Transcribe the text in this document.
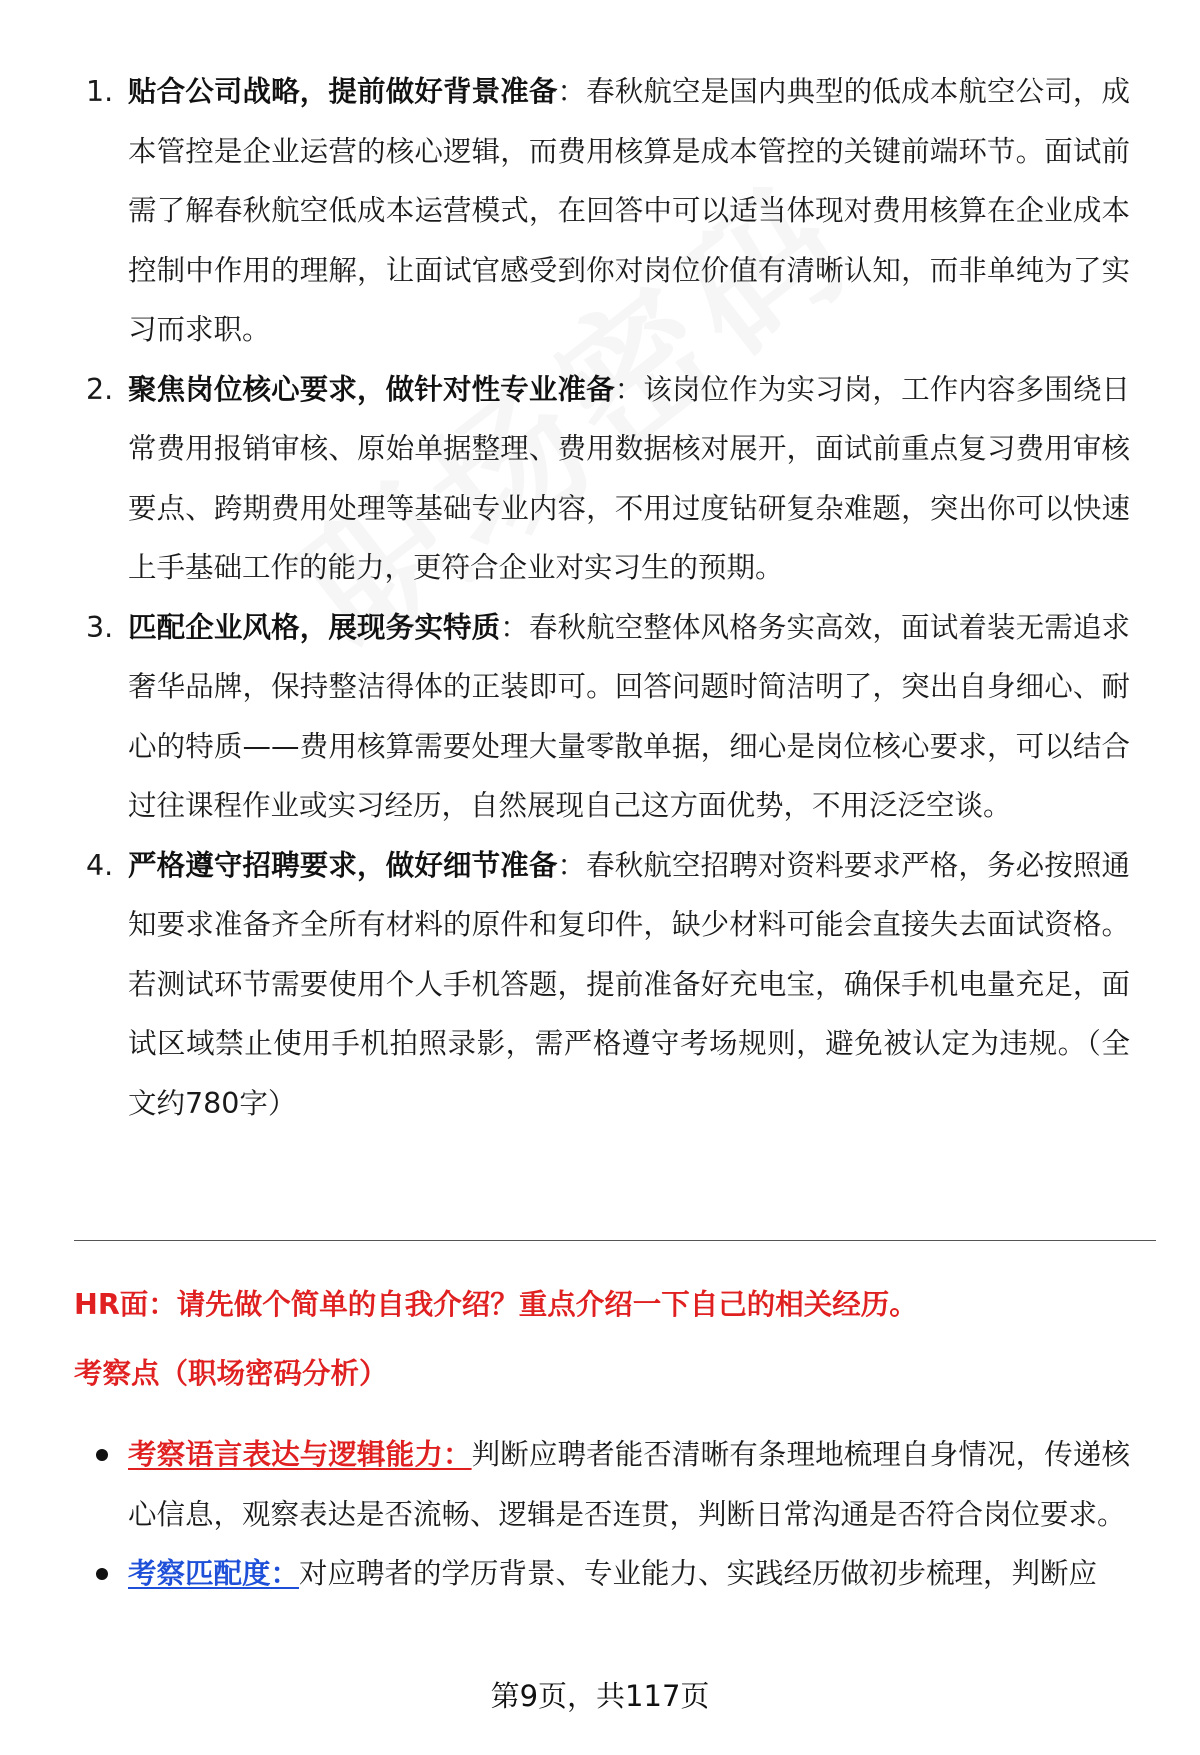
1. 贴合公司战略，提前做好背景准备：春秋航空是国内典型的低成本航空公司，成本管控是企业运营的核心逻辑，而费用核算是成本管控的关键前端环节。面试前需了解春秋航空低成本运营模式，在回答中可以适当体现对费用核算在企业成本控制中作用的理解，让面试官感受到你对岗位价值有清晰认知，而非单纯为了实习而求职。
2. 聚焦岗位核心要求，做针对性专业准备：该岗位作为实习岗，工作内容多围绕日常费用报销审核、原始单据整理、费用数据核对展开，面试前重点复习费用审核要点、跨期费用处理等基础专业内容，不用过度钻研复杂难题，突出你可以快速上手基础工作的能力，更符合企业对实习生的预期。
3. 匹配企业风格，展现务实特质：春秋航空整体风格务实高效，面试着装无需追求奢华品牌，保持整洁得体的正装即可。回答问题时简洁明了，突出自身细心、耐心的特质——费用核算需要处理大量零散单据，细心是岗位核心要求，可以结合过往课程作业或实习经历，自然展现自己这方面优势，不用泛泛空谈。
4. 严格遵守招聘要求，做好细节准备：春秋航空招聘对资料要求严格，务必按照通知要求准备齐全所有材料的原件和复印件，缺少材料可能会直接失去面试资格。若测试环节需要使用个人手机答题，提前准备好充电宝，确保手机电量充足，面试区域禁止使用手机拍照录影，需严格遵守考场规则，避免被认定为违规。（全文约780字）

HR面：请先做个简单的自我介绍？重点介绍一下自己的相关经历。

考察点（职场密码分析）

考察语言表达与逻辑能力：判断应聘者能否清晰有条理地梳理自身情况，传递核心信息，观察表达是否流畅、逻辑是否连贯，判断日常沟通是否符合岗位要求。
考察匹配度：对应聘者的学历背景、专业能力、实践经历做初步梳理，判断应
第9页，共117页
